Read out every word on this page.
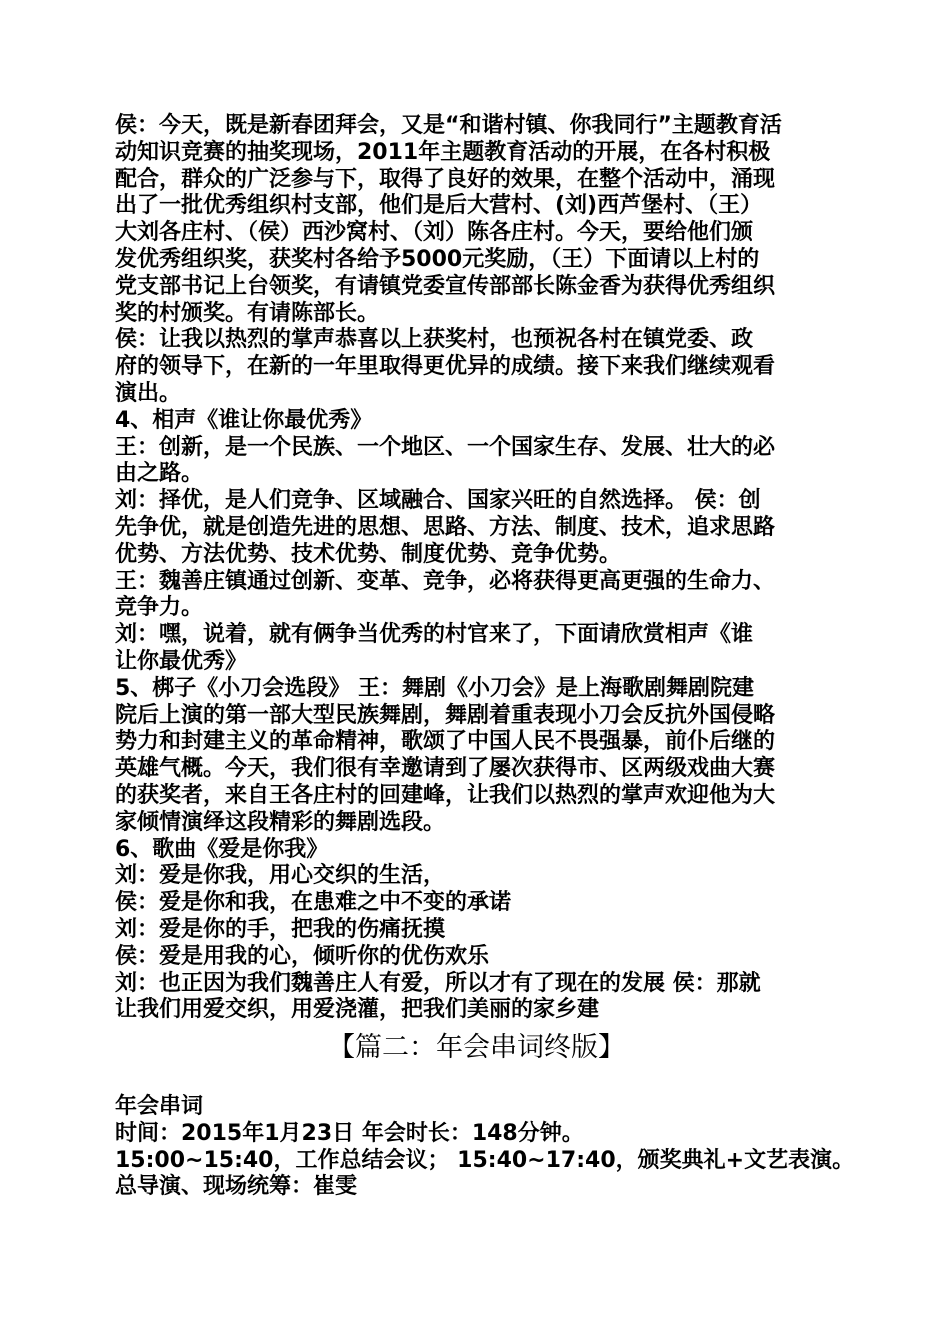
侯：今天，既是新春团拜会，又是“和谐村镇、你我同行”主题教育活
动知识竞赛的抽奖现场，2011年主题教育活动的开展，在各村积极
配合，群众的广泛参与下，取得了良好的效果，在整个活动中，涌现
出了一批优秀组织村支部，他们是后大营村、(刘)西芦堡村、（王）
大刘各庄村、（侯）西沙窝村、（刘）陈各庄村。今天，要给他们颁
发优秀组织奖，获奖村各给予5000元奖励，（王）下面请以上村的
党支部书记上台领奖，有请镇党委宣传部部长陈金香为获得优秀组织
奖的村颁奖。有请陈部长。
侯：让我以热烈的掌声恭喜以上获奖村，也预祝各村在镇党委、政
府的领导下，在新的一年里取得更优异的成绩。接下来我们继续观看
演出。
4、相声《谁让你最优秀》
王：创新，是一个民族、一个地区、一个国家生存、发展、壮大的必
由之路。
刘：择优，是人们竞争、区域融合、国家兴旺的自然选择。 侯：创
先争优，就是创造先进的思想、思路、方法、制度、技术，追求思路
优势、方法优势、技术优势、制度优势、竞争优势。
王：魏善庄镇通过创新、变革、竞争，必将获得更高更强的生命力、
竞争力。
刘：嘿，说着，就有俩争当优秀的村官来了，下面请欣赏相声《谁
让你最优秀》
5、梆子《小刀会选段》 王：舞剧《小刀会》是上海歌剧舞剧院建
院后上演的第一部大型民族舞剧，舞剧着重表现小刀会反抗外国侵略
势力和封建主义的革命精神，歌颂了中国人民不畏强暴，前仆后继的
英雄气概。今天，我们很有幸邀请到了屡次获得市、区两级戏曲大赛
的获奖者，来自王各庄村的回建峰，让我们以热烈的掌声欢迎他为大
家倾情演绎这段精彩的舞剧选段。
6、歌曲《爱是你我》
刘：爱是你我，用心交织的生活，
侯：爱是你和我，在患难之中不变的承诺
刘：爱是你的手，把我的伤痛抚摸
侯：爱是用我的心，倾听你的优伤欢乐
刘：也正因为我们魏善庄人有爱，所以才有了现在的发展 侯：那就
让我们用爱交织，用爱浇灌，把我们美丽的家乡建
【篇二：年会串词终版】
年会串词
时间：2015年1月23日 年会时长：148分钟。
15:00~15:40，工作总结会议； 15:40~17:40，颁奖典礼+文艺表演。
总导演、现场统筹：崔雯
